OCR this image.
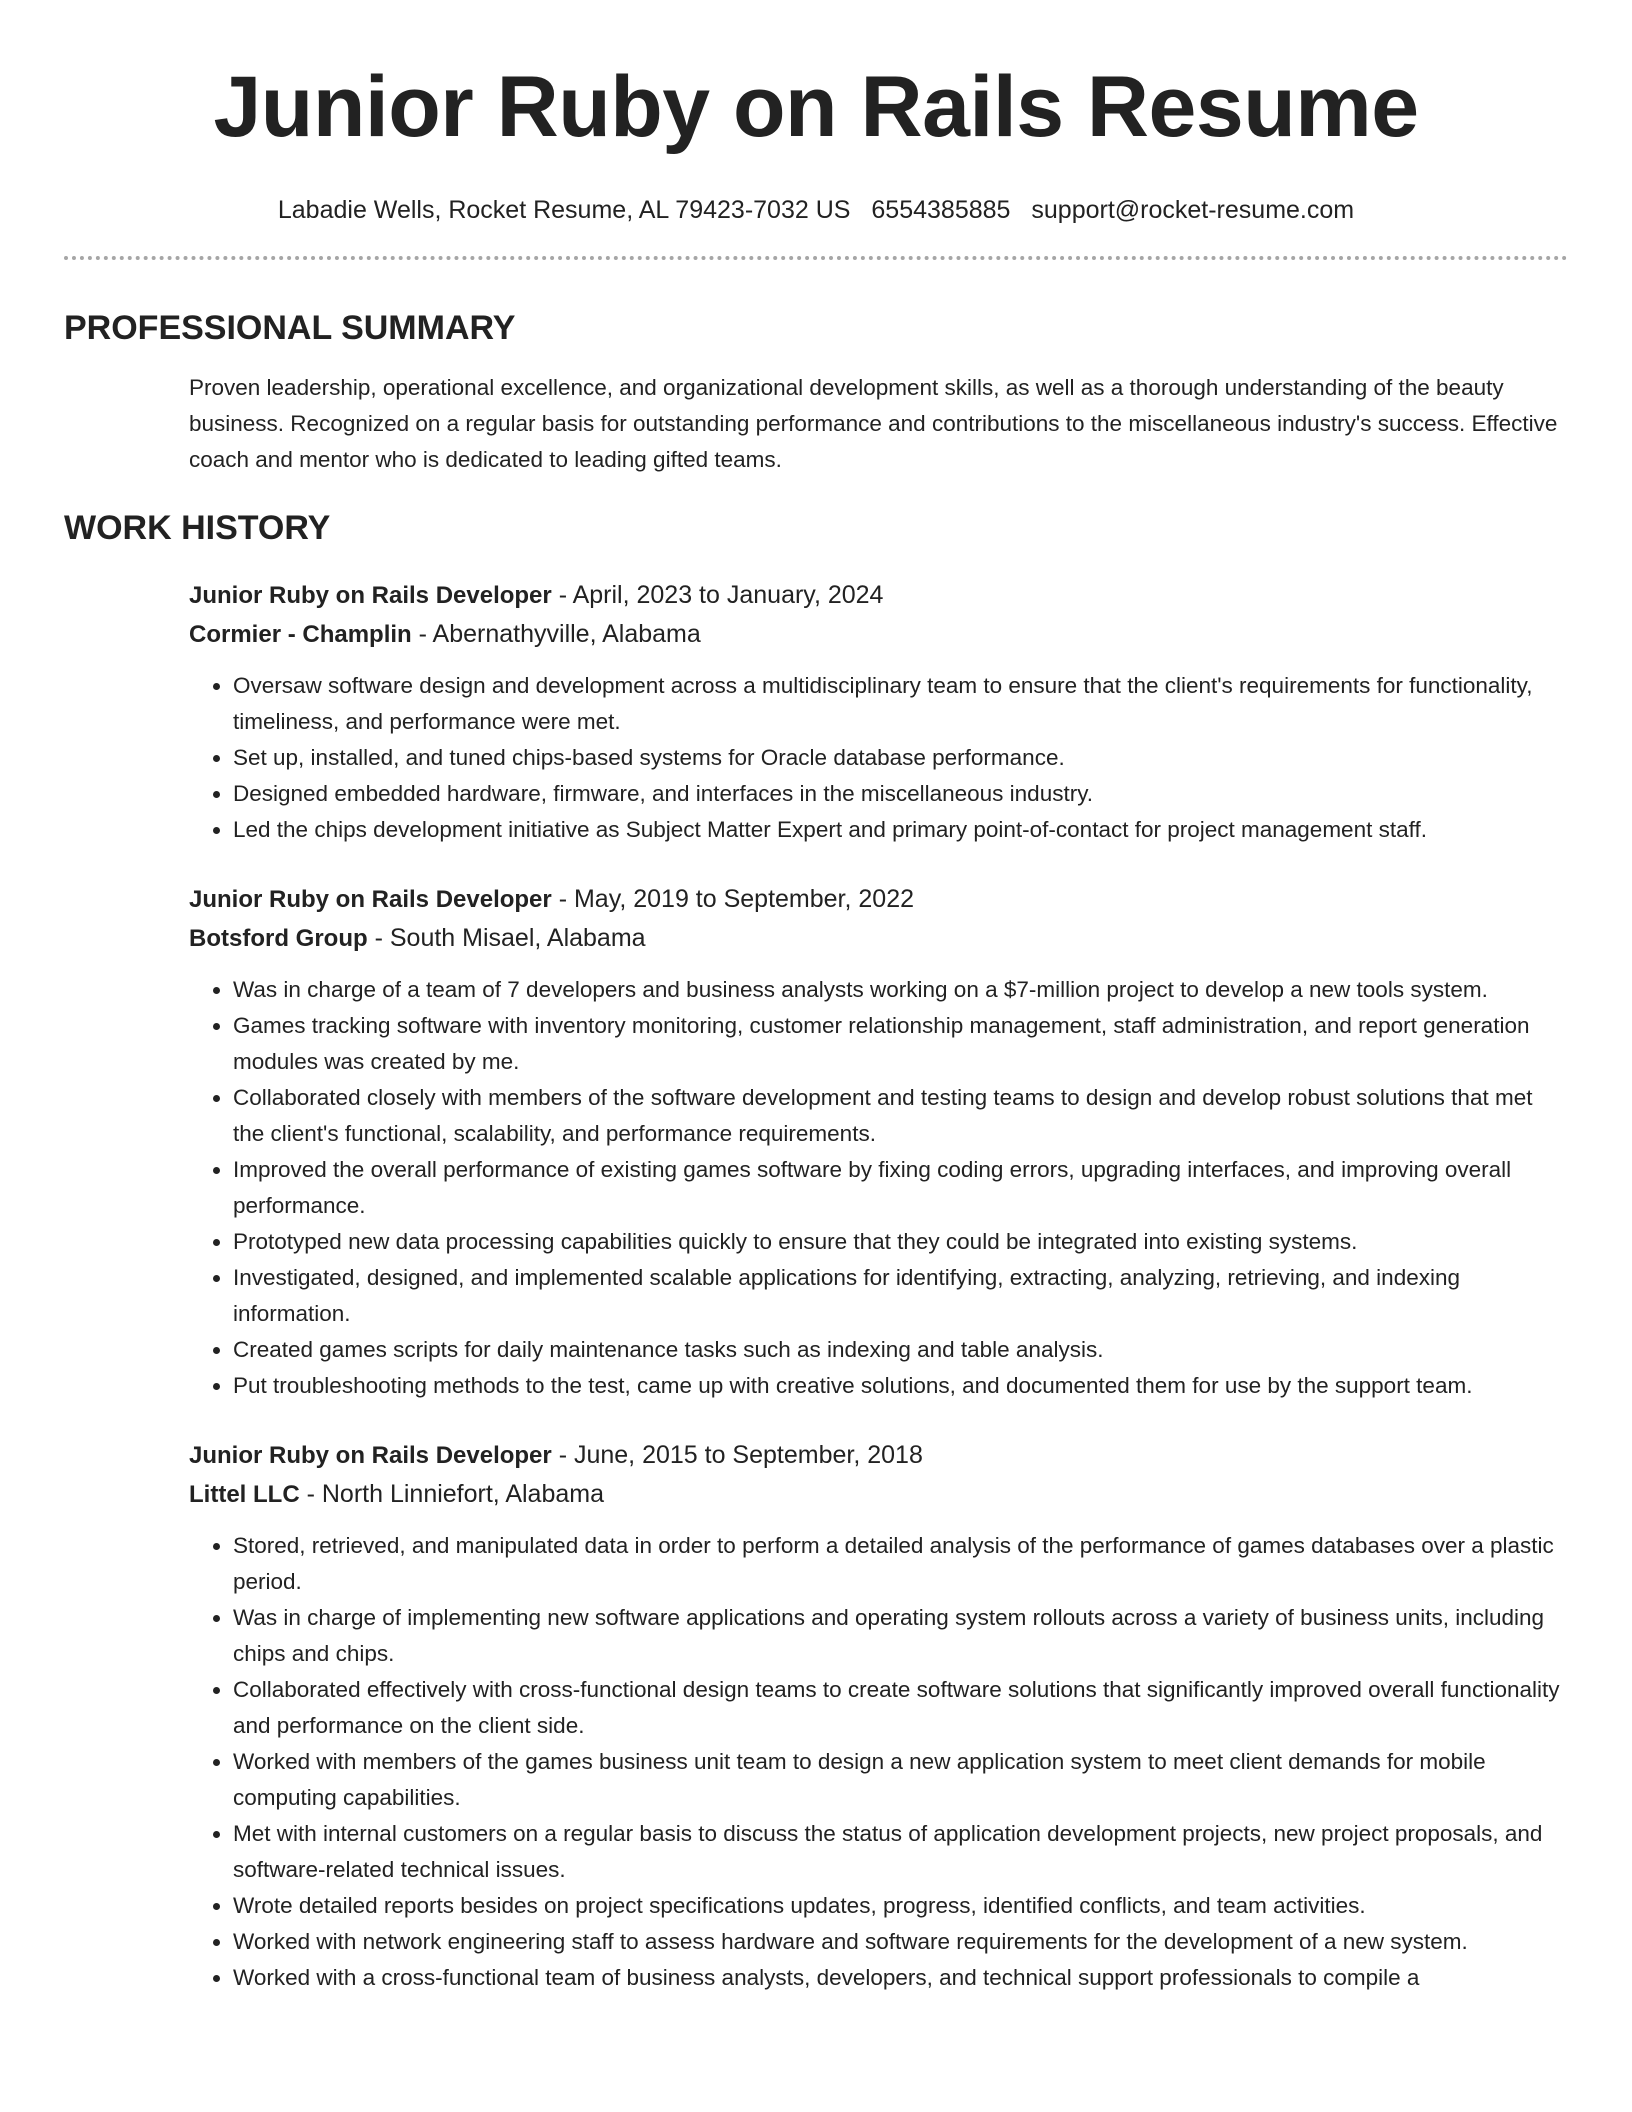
Junior Ruby on Rails Resume
Labadie Wells, Rocket Resume, AL 79423-7032 US 6554385885 support@rocket-resume.com
PROFESSIONAL SUMMARY

Proven leadership, operational excellence, and organizational development skills, as well as a thorough understanding of the beauty business. Recognized on a regular basis for outstanding performance and contributions to the miscellaneous industry's success. Effective coach and mentor who is dedicated to leading gifted teams.

WORK HISTORY
Junior Ruby on Rails Developer - April, 2023 to January, 2024
Cormier - Champlin - Abernathyville, Alabama
• Oversaw software design and development across a multidisciplinary team to ensure that the client's requirements for functionality, timeliness, and performance were met.
• Set up, installed, and tuned chips-based systems for Oracle database performance.
• Designed embedded hardware, firmware, and interfaces in the miscellaneous industry.
• Led the chips development initiative as Subject Matter Expert and primary point-of-contact for project management staff.
Junior Ruby on Rails Developer - May, 2019 to September, 2022
Botsford Group - South Misael, Alabama
• Was in charge of a team of 7 developers and business analysts working on a $7-million project to develop a new tools system.
• Games tracking software with inventory monitoring, customer relationship management, staff administration, and report generation modules was created by me.
• Collaborated closely with members of the software development and testing teams to design and develop robust solutions that met the client's functional, scalability, and performance requirements.
• Improved the overall performance of existing games software by fixing coding errors, upgrading interfaces, and improving overall performance.
• Prototyped new data processing capabilities quickly to ensure that they could be integrated into existing systems.
• Investigated, designed, and implemented scalable applications for identifying, extracting, analyzing, retrieving, and indexing information.
• Created games scripts for daily maintenance tasks such as indexing and table analysis.
• Put troubleshooting methods to the test, came up with creative solutions, and documented them for use by the support team.
Junior Ruby on Rails Developer - June, 2015 to September, 2018
Littel LLC - North Linniefort, Alabama
• Stored, retrieved, and manipulated data in order to perform a detailed analysis of the performance of games databases over a plastic period.
• Was in charge of implementing new software applications and operating system rollouts across a variety of business units, including chips and chips.
• Collaborated effectively with cross-functional design teams to create software solutions that significantly improved overall functionality and performance on the client side.
• Worked with members of the games business unit team to design a new application system to meet client demands for mobile computing capabilities.
• Met with internal customers on a regular basis to discuss the status of application development projects, new project proposals, and software-related technical issues.
• Wrote detailed reports besides on project specifications updates, progress, identified conflicts, and team activities.
• Worked with network engineering staff to assess hardware and software requirements for the development of a new system.
• Worked with a cross-functional team of business analysts, developers, and technical support professionals to compile a
